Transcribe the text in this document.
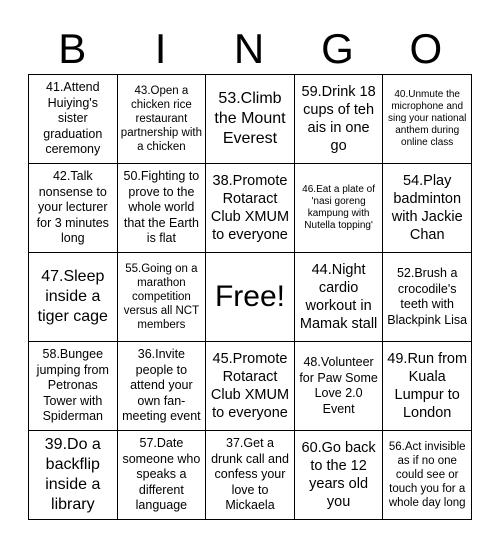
B	I	N	G	O
41.Attend Huiying's sister graduation ceremony
43.Open a chicken rice restaurant partnership with a chicken
53.Climb the Mount Everest
59.Drink 18 cups of teh ais in one go
40.Unmute the microphone and sing your national anthem during online class
42.Talk nonsense to your lecturer for 3 minutes long
50.Fighting to prove to the whole world that the Earth is flat
38.Promote Rotaract Club XMUM to everyone
46.Eat a plate of 'nasi goreng kampung with Nutella topping'
54.Play badminton with Jackie Chan
47.Sleep inside a tiger cage
55.Going on a marathon competition versus all NCT members
Free!
44.Night cardio workout in Mamak stall
52.Brush a crocodile's teeth with Blackpink Lisa
58.Bungee jumping from Petronas Tower with Spiderman
36.Invite people to attend your own fan-meeting event
45.Promote Rotaract Club XMUM to everyone
48.Volunteer for Paw Some Love 2.0 Event
49.Run from Kuala Lumpur to London
39.Do a backflip inside a library
57.Date someone who speaks a different language
37.Get a drunk call and confess your love to Mickaela
60.Go back to the 12 years old you
56.Act invisible as if no one could see or touch you for a whole day long
